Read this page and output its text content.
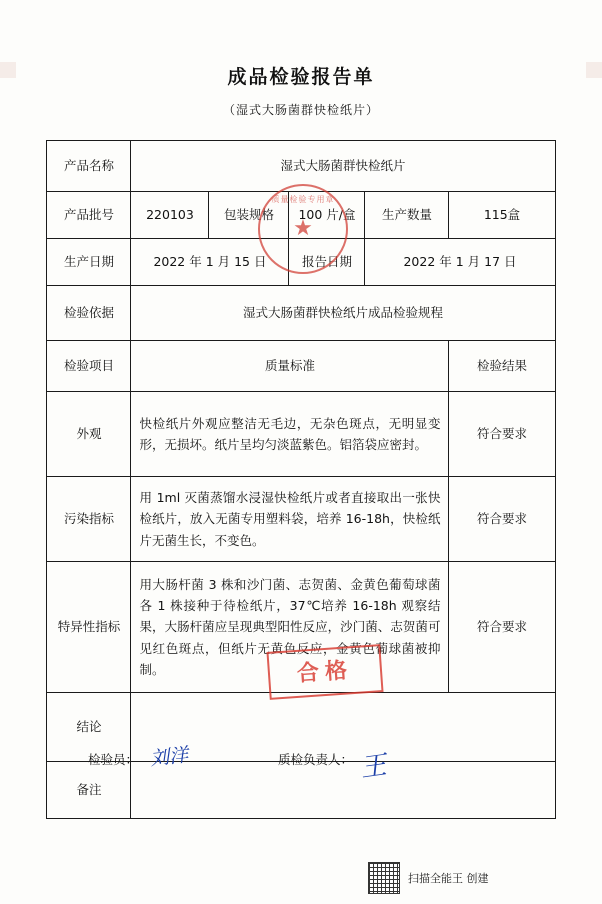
成品检验报告单
（湿式大肠菌群快检纸片）
产品名称	湿式大肠菌群快检纸片				
产品批号	220103	包装规格	100 片/盒	生产数量	115盒
生产日期	2022 年 1 月 15 日		报告日期	2022 年 1 月 17 日	
检验依据	湿式大肠菌群快检纸片成品检验规程				
检验项目	质量标准				检验结果
外观	快检纸片外观应整洁无毛边，无杂色斑点，无明显变形，无损坏。纸片呈均匀淡蓝紫色。铝箔袋应密封。				符合要求
污染指标	用 1ml 灭菌蒸馏水浸湿快检纸片或者直接取出一张快检纸片，放入无菌专用塑料袋，培养 16-18h，快检纸片无菌生长，不变色。				符合要求
特异性指标	用大肠杆菌 3 株和沙门菌、志贺菌、金黄色葡萄球菌各 1 株接种于待检纸片，37℃培养 16-18h 观察结果，大肠杆菌应呈现典型阳性反应，沙门菌、志贺菌可见红色斑点，但纸片无黄色反应，金黄色葡球菌被抑制。				符合要求
结论					
备注					
质量检验专用章
★
合格
检验员： 刘洋	质检负责人： 王
扫描全能王 创建
